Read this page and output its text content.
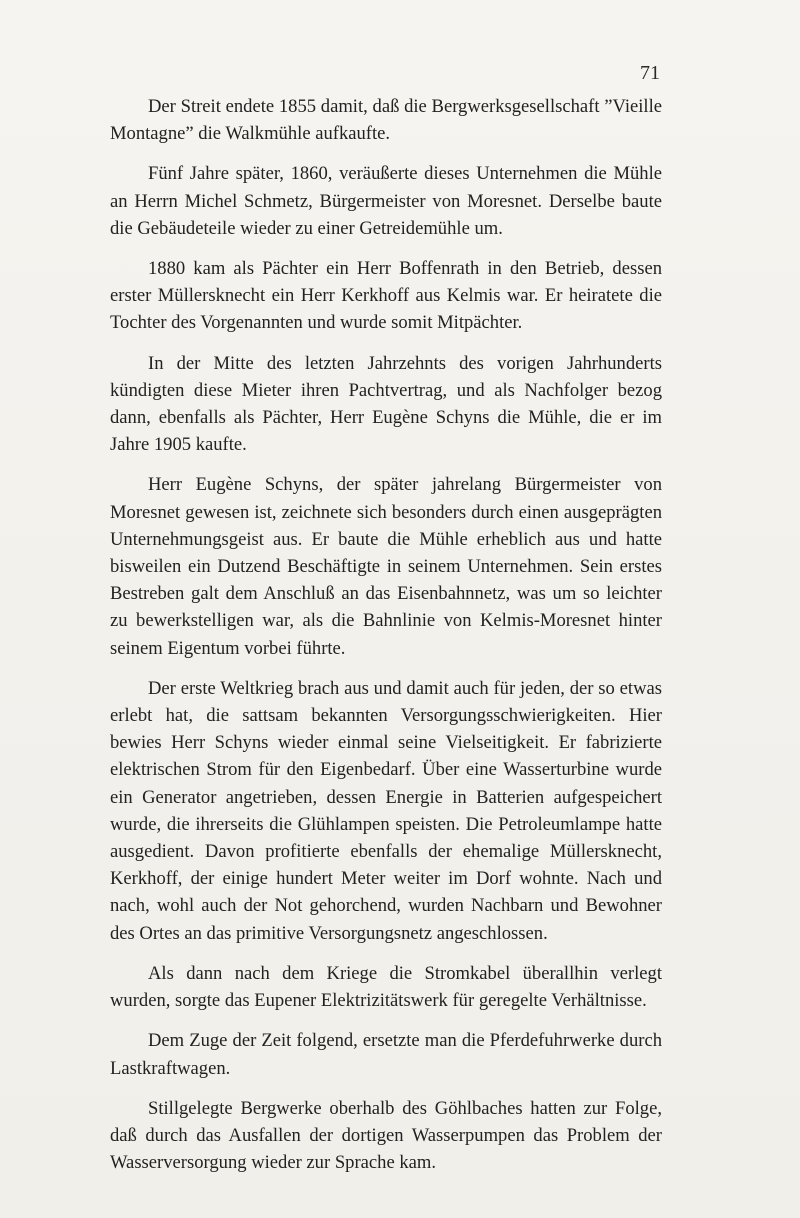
71

Der Streit endete 1855 damit, daß die Bergwerksgesellschaft ”Vieille Montagne” die Walkmühle aufkaufte.

Fünf Jahre später, 1860, veräußerte dieses Unternehmen die Mühle an Herrn Michel Schmetz, Bürgermeister von Moresnet. Derselbe baute die Gebäudeteile wieder zu einer Getreidemühle um.

1880 kam als Pächter ein Herr Boffenrath in den Betrieb, dessen erster Müllersknecht ein Herr Kerkhoff aus Kelmis war. Er heiratete die Tochter des Vorgenannten und wurde somit Mitpächter.

In der Mitte des letzten Jahrzehnts des vorigen Jahrhunderts kündigten diese Mieter ihren Pachtvertrag, und als Nachfolger bezog dann, ebenfalls als Pächter, Herr Eugène Schyns die Mühle, die er im Jahre 1905 kaufte.

Herr Eugène Schyns, der später jahrelang Bürgermeister von Moresnet gewesen ist, zeichnete sich besonders durch einen ausgeprägten Unternehmungsgeist aus. Er baute die Mühle erheblich aus und hatte bisweilen ein Dutzend Beschäftigte in seinem Unternehmen. Sein erstes Bestreben galt dem Anschluß an das Eisenbahnnetz, was um so leichter zu bewerkstelligen war, als die Bahnlinie von Kelmis-Moresnet hinter seinem Eigentum vorbei führte.

Der erste Weltkrieg brach aus und damit auch für jeden, der so etwas erlebt hat, die sattsam bekannten Versorgungsschwierigkeiten. Hier bewies Herr Schyns wieder einmal seine Vielseitigkeit. Er fabrizierte elektrischen Strom für den Eigenbedarf. Über eine Wasserturbine wurde ein Generator angetrieben, dessen Energie in Batterien aufgespeichert wurde, die ihrerseits die Glühlampen speisten. Die Petroleumlampe hatte ausgedient. Davon profitierte ebenfalls der ehemalige Müllersknecht, Kerkhoff, der einige hundert Meter weiter im Dorf wohnte. Nach und nach, wohl auch der Not gehorchend, wurden Nachbarn und Bewohner des Ortes an das primitive Versorgungsnetz angeschlossen.

Als dann nach dem Kriege die Stromkabel überallhin verlegt wurden, sorgte das Eupener Elektrizitätswerk für geregelte Verhältnisse.

Dem Zuge der Zeit folgend, ersetzte man die Pferdefuhrwerke durch Lastkraftwagen.

Stillgelegte Bergwerke oberhalb des Göhlbaches hatten zur Folge, daß durch das Ausfallen der dortigen Wasserpumpen das Problem der Wasserversorgung wieder zur Sprache kam.
